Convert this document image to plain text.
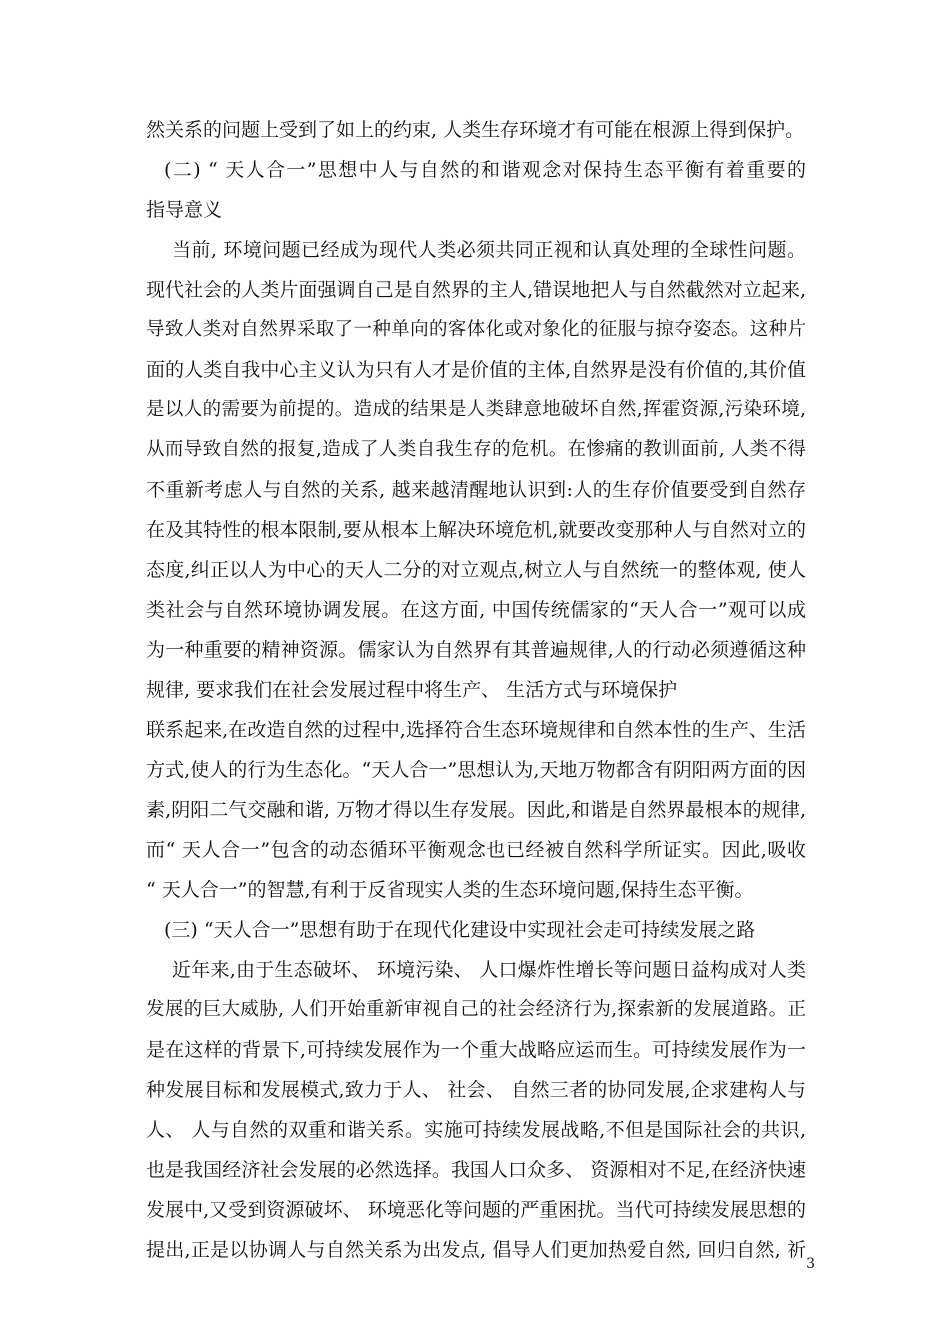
然关系的问题上受到了如上的约束, 人类生存环境才有可能在根源上得到保护。
(二) “ 天人合一”思想中人与自然的和谐观念对保持生态平衡有着重要的
指导意义
当前, 环境问题已经成为现代人类必须共同正视和认真处理的全球性问题。
现代社会的人类片面强调自己是自然界的主人,错误地把人与自然截然对立起来,
导致人类对自然界采取了一种单向的客体化或对象化的征服与掠夺姿态。这种片
面的人类自我中心主义认为只有人才是价值的主体,自然界是没有价值的,其价值
是以人的需要为前提的。造成的结果是人类肆意地破坏自然,挥霍资源,污染环境,
从而导致自然的报复,造成了人类自我生存的危机。在惨痛的教训面前, 人类不得
不重新考虑人与自然的关系, 越来越清醒地认识到:人的生存价值要受到自然存
在及其特性的根本限制,要从根本上解决环境危机,就要改变那种人与自然对立的
态度,纠正以人为中心的天人二分的对立观点,树立人与自然统一的整体观, 使人
类社会与自然环境协调发展。在这方面, 中国传统儒家的“天人合一”观可以成
为一种重要的精神资源。儒家认为自然界有其普遍规律,人的行动必须遵循这种
规律, 要求我们在社会发展过程中将生产、 生活方式与环境保护
联系起来,在改造自然的过程中,选择符合生态环境规律和自然本性的生产、生活
方式,使人的行为生态化。“天人合一”思想认为,天地万物都含有阴阳两方面的因
素,阴阳二气交融和谐, 万物才得以生存发展。因此,和谐是自然界最根本的规律,
而“ 天人合一”包含的动态循环平衡观念也已经被自然科学所证实。因此,吸收
“ 天人合一”的智慧,有利于反省现实人类的生态环境问题,保持生态平衡。
(三) “天人合一”思想有助于在现代化建设中实现社会走可持续发展之路
近年来,由于生态破坏、 环境污染、 人口爆炸性增长等问题日益构成对人类
发展的巨大威胁, 人们开始重新审视自己的社会经济行为,探索新的发展道路。正
是在这样的背景下,可持续发展作为一个重大战略应运而生。可持续发展作为一
种发展目标和发展模式,致力于人、 社会、 自然三者的协同发展,企求建构人与
人、 人与自然的双重和谐关系。实施可持续发展战略,不但是国际社会的共识,
也是我国经济社会发展的必然选择。我国人口众多、 资源相对不足,在经济快速
发展中,又受到资源破坏、 环境恶化等问题的严重困扰。当代可持续发展思想的
提出,正是以协调人与自然关系为出发点, 倡导人们更加热爱自然, 回归自然, 祈
3
